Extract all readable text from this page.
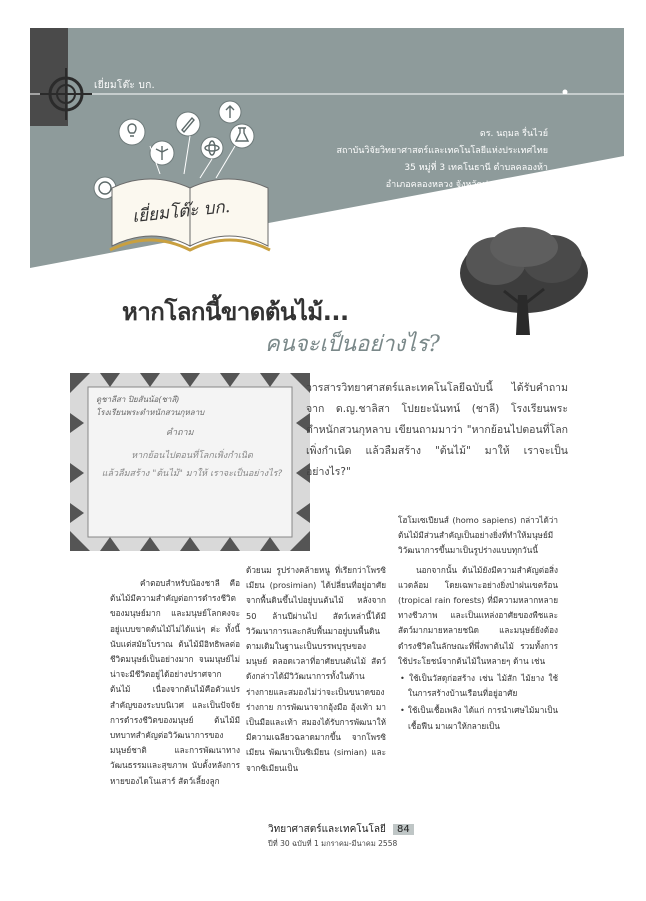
เยี่ยมโต๊ะ บก.
เยี่ยมโต๊ะ บก.
ดร. นฤมล รื่นไวย์
สถาบันวิจัยวิทยาศาสตร์และเทคโนโลยีแห่งประเทศไทย
35 หมู่ที่ 3 เทคโนธานี ตำบลคลองห้า
อำเภอคลองหลวง จังหวัดปทุมธานี 12120
หากโลกนี้ขาดต้นไม้...
คนจะเป็นอย่างไร?
ดูชาลีสา ปิยสันน้อ(ชาลี)
โรงเรียนพระตำหนักสวนกุหลาบ
คำถาม
หากย้อนไปตอนที่โลกเพิ่งกำเนิด
แล้วลืมสร้าง "ต้นไม้" มาให้ เราจะเป็นอย่างไร?
วารสารวิทยาศาสตร์และเทคโนโลยีฉบับนี้ ได้รับคำถามจาก ด.ญ.ชาลิสา โปยยะนันทน์ (ชาลี) โรงเรียนพระตำหนักสวนกุหลาบ เขียนถามมาว่า "หากย้อนไปตอนที่โลกเพิ่งกำเนิด แล้วลืมสร้าง "ต้นไม้" มาให้ เราจะเป็นอย่างไร?"

คำตอบสำหรับน้องชาลี คือ ต้นไม้มีความสำคัญต่อการดำรงชีวิตของมนุษย์มาก และมนุษย์โลกคงจะอยู่แบบขาดต้นไม้ไม่ได้แน่ๆ ค่ะ ทั้งนี้นับแต่สมัยโบราณ ต้นไม้มีอิทธิพลต่อชีวิตมนุษย์เป็นอย่างมาก จนมนุษย์ไม่น่าจะมีชีวิตอยู่ได้อย่างปราศจากต้นไม้ เนื่องจากต้นไม้คือตัวแปรสำคัญของระบบนิเวศ และเป็นปัจจัยการดำรงชีวิตของมนุษย์ ต้นไม้มีบทบาทสำคัญต่อวิวัฒนาการของมนุษย์ชาติ และการพัฒนาทางวัฒนธรรมและสุขภาพ นับตั้งหลังการหายของไดโนเสาร์ สัตว์เลี้ยงลูก

ด้วยนม รูปร่างคล้ายหนู ที่เรียกว่าโพรซิเมียน (prosimian) ได้ปลี่ยนที่อยู่อาศัยจากพื้นดินขึ้นไปอยู่บนต้นไม้ หลังจาก 50 ล้านปีผ่านไป สัตว์เหล่านี้ได้มีวิวัฒนาการและกลับพื้นมาอยู่บนพื้นดินตามเดิมในฐานะเป็นบรรพบุรุษของมนุษย์ ตลอดเวลาที่อาศัยบนต้นไม้ สัตว์ดังกล่าวได้มีวิวัฒนาการทั้งในด้านร่างกายและสมองไม่ว่าจะเป็นขนาดของร่างกาย การพัฒนาจากอุ้งมือ อุ้งเท้า มาเป็นมือและเท้า สมองได้รับการพัฒนาให้มีความเฉลียวฉลาดมากขึ้น จากโพรซิเมียน พัฒนาเป็นซิเมียน (simian) และจากซิเมียนเป็น

โฮโมเซเปียนส์ (homo sapiens) กล่าวได้ว่า ต้นไม้มีส่วนสำคัญเป็นอย่างยิ่งที่ทำให้มนุษย์มีวิวัฒนาการขึ้นมาเป็นรูปร่างแบบทุกวันนี้

นอกจากนั้น ต้นไม้ยังมีความสำคัญต่อสิ่งแวดล้อม โดยเฉพาะอย่างยิ่งป่าฝนเขตร้อน (tropical rain forests) ที่มีความหลากหลายทางชีวภาพ และเป็นแหล่งอาศัยของพืชและสัตว์มากมายหลายชนิด และมนุษย์ยังต้องดำรงชีวิตในลักษณะที่พึ่งพาต้นไม้ รวมทั้งการใช้ประโยชน์จากต้นไม้ในหลายๆ ด้าน เช่น

• ใช้เป็นวัสดุก่อสร้าง เช่น ไม้สัก ไม้ยาง ใช้ในการสร้างบ้านเรือนที่อยู่อาศัย

• ใช้เป็นเชื้อเพลิง ได้แก่ การนำเศษไม้มาเป็นเชื้อฟืน มาเผาให้กลายเป็น

วิทยาศาสตร์และเทคโนโลยี 84
ปีที่ 30 ฉบับที่ 1 มกราคม-มีนาคม 2558
